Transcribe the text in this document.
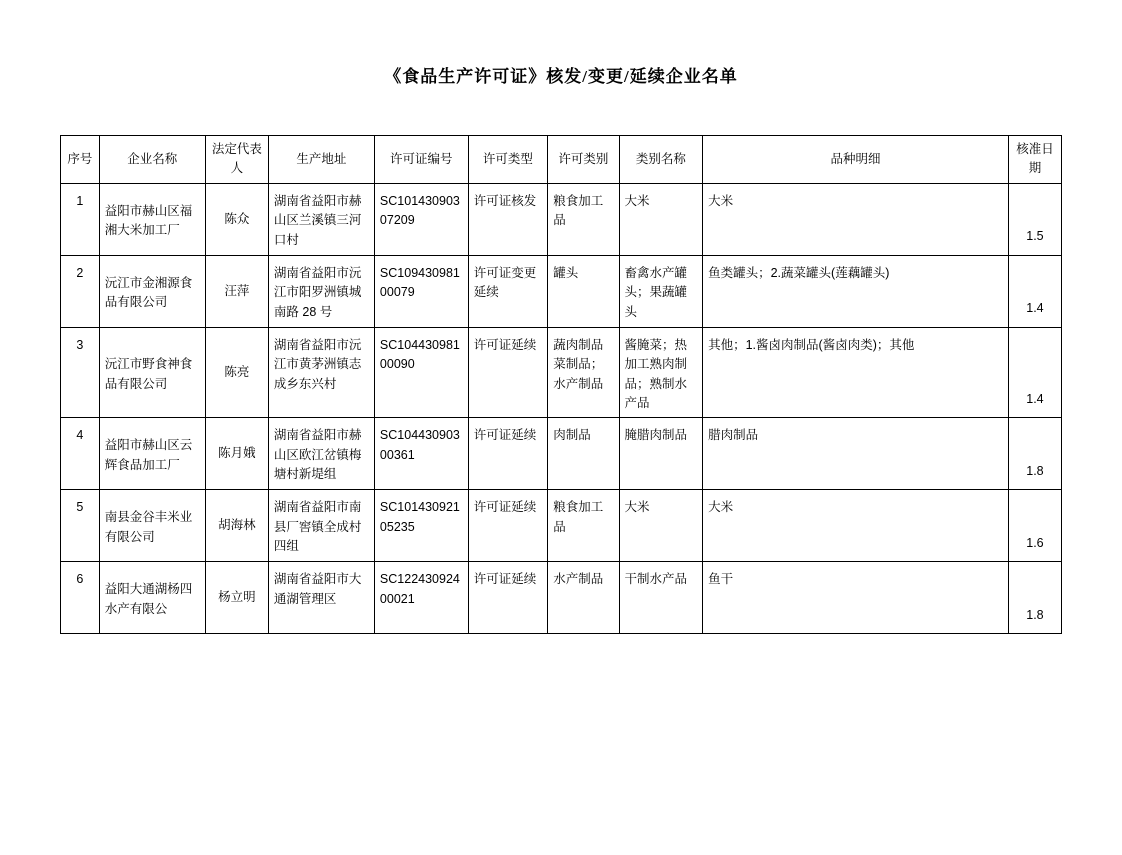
《食品生产许可证》核发/变更/延续企业名单
序号	企业名称	法定代表人	生产地址	许可证编号	许可类型	许可类别	类别名称	品种明细	核准日期
1	益阳市赫山区福湘大米加工厂	陈众	湖南省益阳市赫山区兰溪镇三河口村	SC10143090307209	许可证核发	粮食加工品	大米	大米	1.5
2	沅江市金湘源食品有限公司	汪萍	湖南省益阳市沅江市阳罗洲镇城南路 28 号	SC10943098100079	许可证变更延续	罐头	畜禽水产罐头；果蔬罐头	鱼类罐头；2.蔬菜罐头(莲藕罐头)	1.4
3	沅江市野食神食品有限公司	陈亮	湖南省益阳市沅江市黄茅洲镇志成乡东兴村	SC10443098100090	许可证延续	蔬肉制品菜制品；水产制品	酱腌菜；热加工熟肉制品；熟制水产品	其他；1.酱卤肉制品(酱卤肉类)；其他	1.4
4	益阳市赫山区云辉食品加工厂	陈月娥	湖南省益阳市赫山区欧江岔镇梅塘村新堤组	SC10443090300361	许可证延续	肉制品	腌腊肉制品	腊肉制品	1.8
5	南县金谷丰米业有限公司	胡海林	湖南省益阳市南县厂窖镇全成村四组	SC10143092105235	许可证延续	粮食加工品	大米	大米	1.6
6	益阳大通湖杨四水产有限公	杨立明	湖南省益阳市大通湖管理区	SC12243092400021	许可证延续	水产制品	干制水产品	鱼干	1.8
